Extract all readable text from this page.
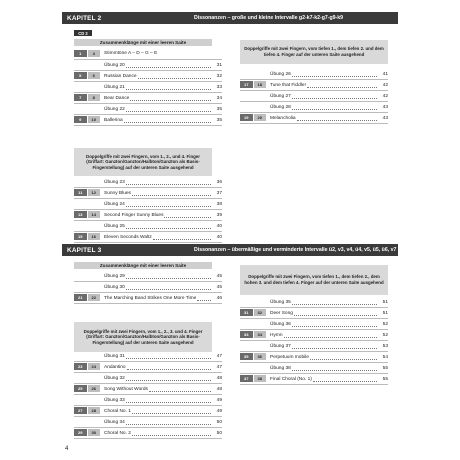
KAPITEL 2	Dissonanzen – große und kleine Intervalle g2-k7-k2-g7-g9-k9
CD 2
Zusammenklänge mit einer leeren Saite
1	4	Stimmtöne A – D – G – E
Übung 20	31
5	6	Russian Dance	32
Übung 21	33
7	8	Bear Dance	34
Übung 22	35
9	10	Ballerina	35
Doppelgriffe mit zwei Fingern, vom 1., 2., und 4. Finger (Griffart: Ganzton/Ganzton/Halbton/Ganzton als Basis-Fingerstellung) auf der unteren Saite ausgehend
Übung 23	36
11	12	Sunny Blues	37
Übung 24	38
13	14	Second Finger Sunny Blues	39
Übung 25	40
15	16	Eleven Seconds Waltz	40
Doppelgriffe mit zwei Fingern, vom tiefen 1., dem tiefen 2. und dem tiefen 4. Finger auf der unteren Saite ausgehend
Übung 26	41
17	18	Tune that Fiddle!	42
Übung 27	42
Übung 28	43
19	20	Melancholia	43
KAPITEL 3	Dissonanzen – übermäßige und verminderte Intervalle ü2, v3, v4, ü4, v5, ü5, ü6, v7
Zusammenklänge mit einer leeren Saite
Übung 29	45
Übung 30	45
21	22	The Marching Band Strikes One More Time	46
Doppelgriffe mit zwei Fingern, vom 1., 2., 3. und 4. Finger (Griffart: Ganzton/Ganzton/Halbton/Ganzton als Basis-Fingerstellung) auf der unteren Saite ausgehend
Übung 31	47
23	24	Andantino	47
Übung 32	48
25	26	Song Without Words	48
Übung 33	49
27	28	Choral No. 1	49
Übung 34	50
29	30	Choral No. 2	50
Doppelgriffe mit zwei Fingern, vom tiefen 1., dem tiefen 2., dem hohen 3. und dem tiefen 4. Finger auf der unteren Saite ausgehend
Übung 35	51
31	32	Deer Song	51
Übung 36	52
33	34	Hymn	52
Übung 37	53
35	36	Perpetuum mobile	54
Übung 38	55
37	38	Final Choral (No. 1)	55
4
